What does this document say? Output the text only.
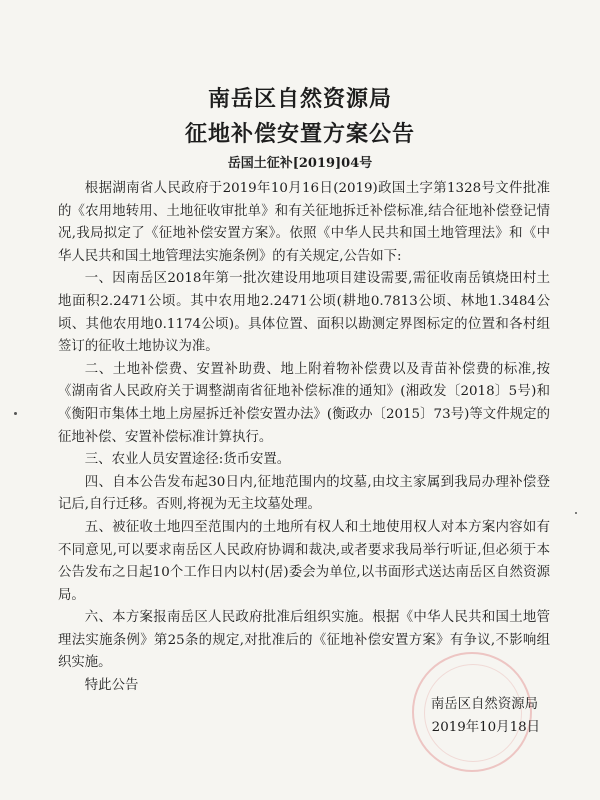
南岳区自然资源局
征地补偿安置方案公告
岳国土征补[2019]04号

根据湖南省人民政府于2019年10月16日(2019)政国土字第1328号文件批准的《农用地转用、土地征收审批单》和有关征地拆迁补偿标准,结合征地补偿登记情况,我局拟定了《征地补偿安置方案》。依照《中华人民共和国土地管理法》和《中华人民共和国土地管理法实施条例》的有关规定,公告如下:

一、因南岳区2018年第一批次建设用地项目建设需要,需征收南岳镇烧田村土地面积2.2471公顷。其中农用地2.2471公顷(耕地0.7813公顷、林地1.3484公顷、其他农用地0.1174公顷)。具体位置、面积以勘测定界图标定的位置和各村组签订的征收土地协议为准。

二、土地补偿费、安置补助费、地上附着物补偿费以及青苗补偿费的标准,按《湖南省人民政府关于调整湖南省征地补偿标准的通知》(湘政发〔2018〕5号)和《衡阳市集体土地上房屋拆迁补偿安置办法》(衡政办〔2015〕73号)等文件规定的征地补偿、安置补偿标准计算执行。

三、农业人员安置途径:货币安置。

四、自本公告发布起30日内,征地范围内的坟墓,由坟主家属到我局办理补偿登记后,自行迁移。否则,将视为无主坟墓处理。

五、被征收土地四至范围内的土地所有权人和土地使用权人对本方案内容如有不同意见,可以要求南岳区人民政府协调和裁决,或者要求我局举行听证,但必须于本公告发布之日起10个工作日内以村(居)委会为单位,以书面形式送达南岳区自然资源局。

六、本方案报南岳区人民政府批准后组织实施。根据《中华人民共和国土地管理法实施条例》第25条的规定,对批准后的《征地补偿安置方案》有争议,不影响组织实施。

特此公告

南岳区自然资源局
2019年10月18日
